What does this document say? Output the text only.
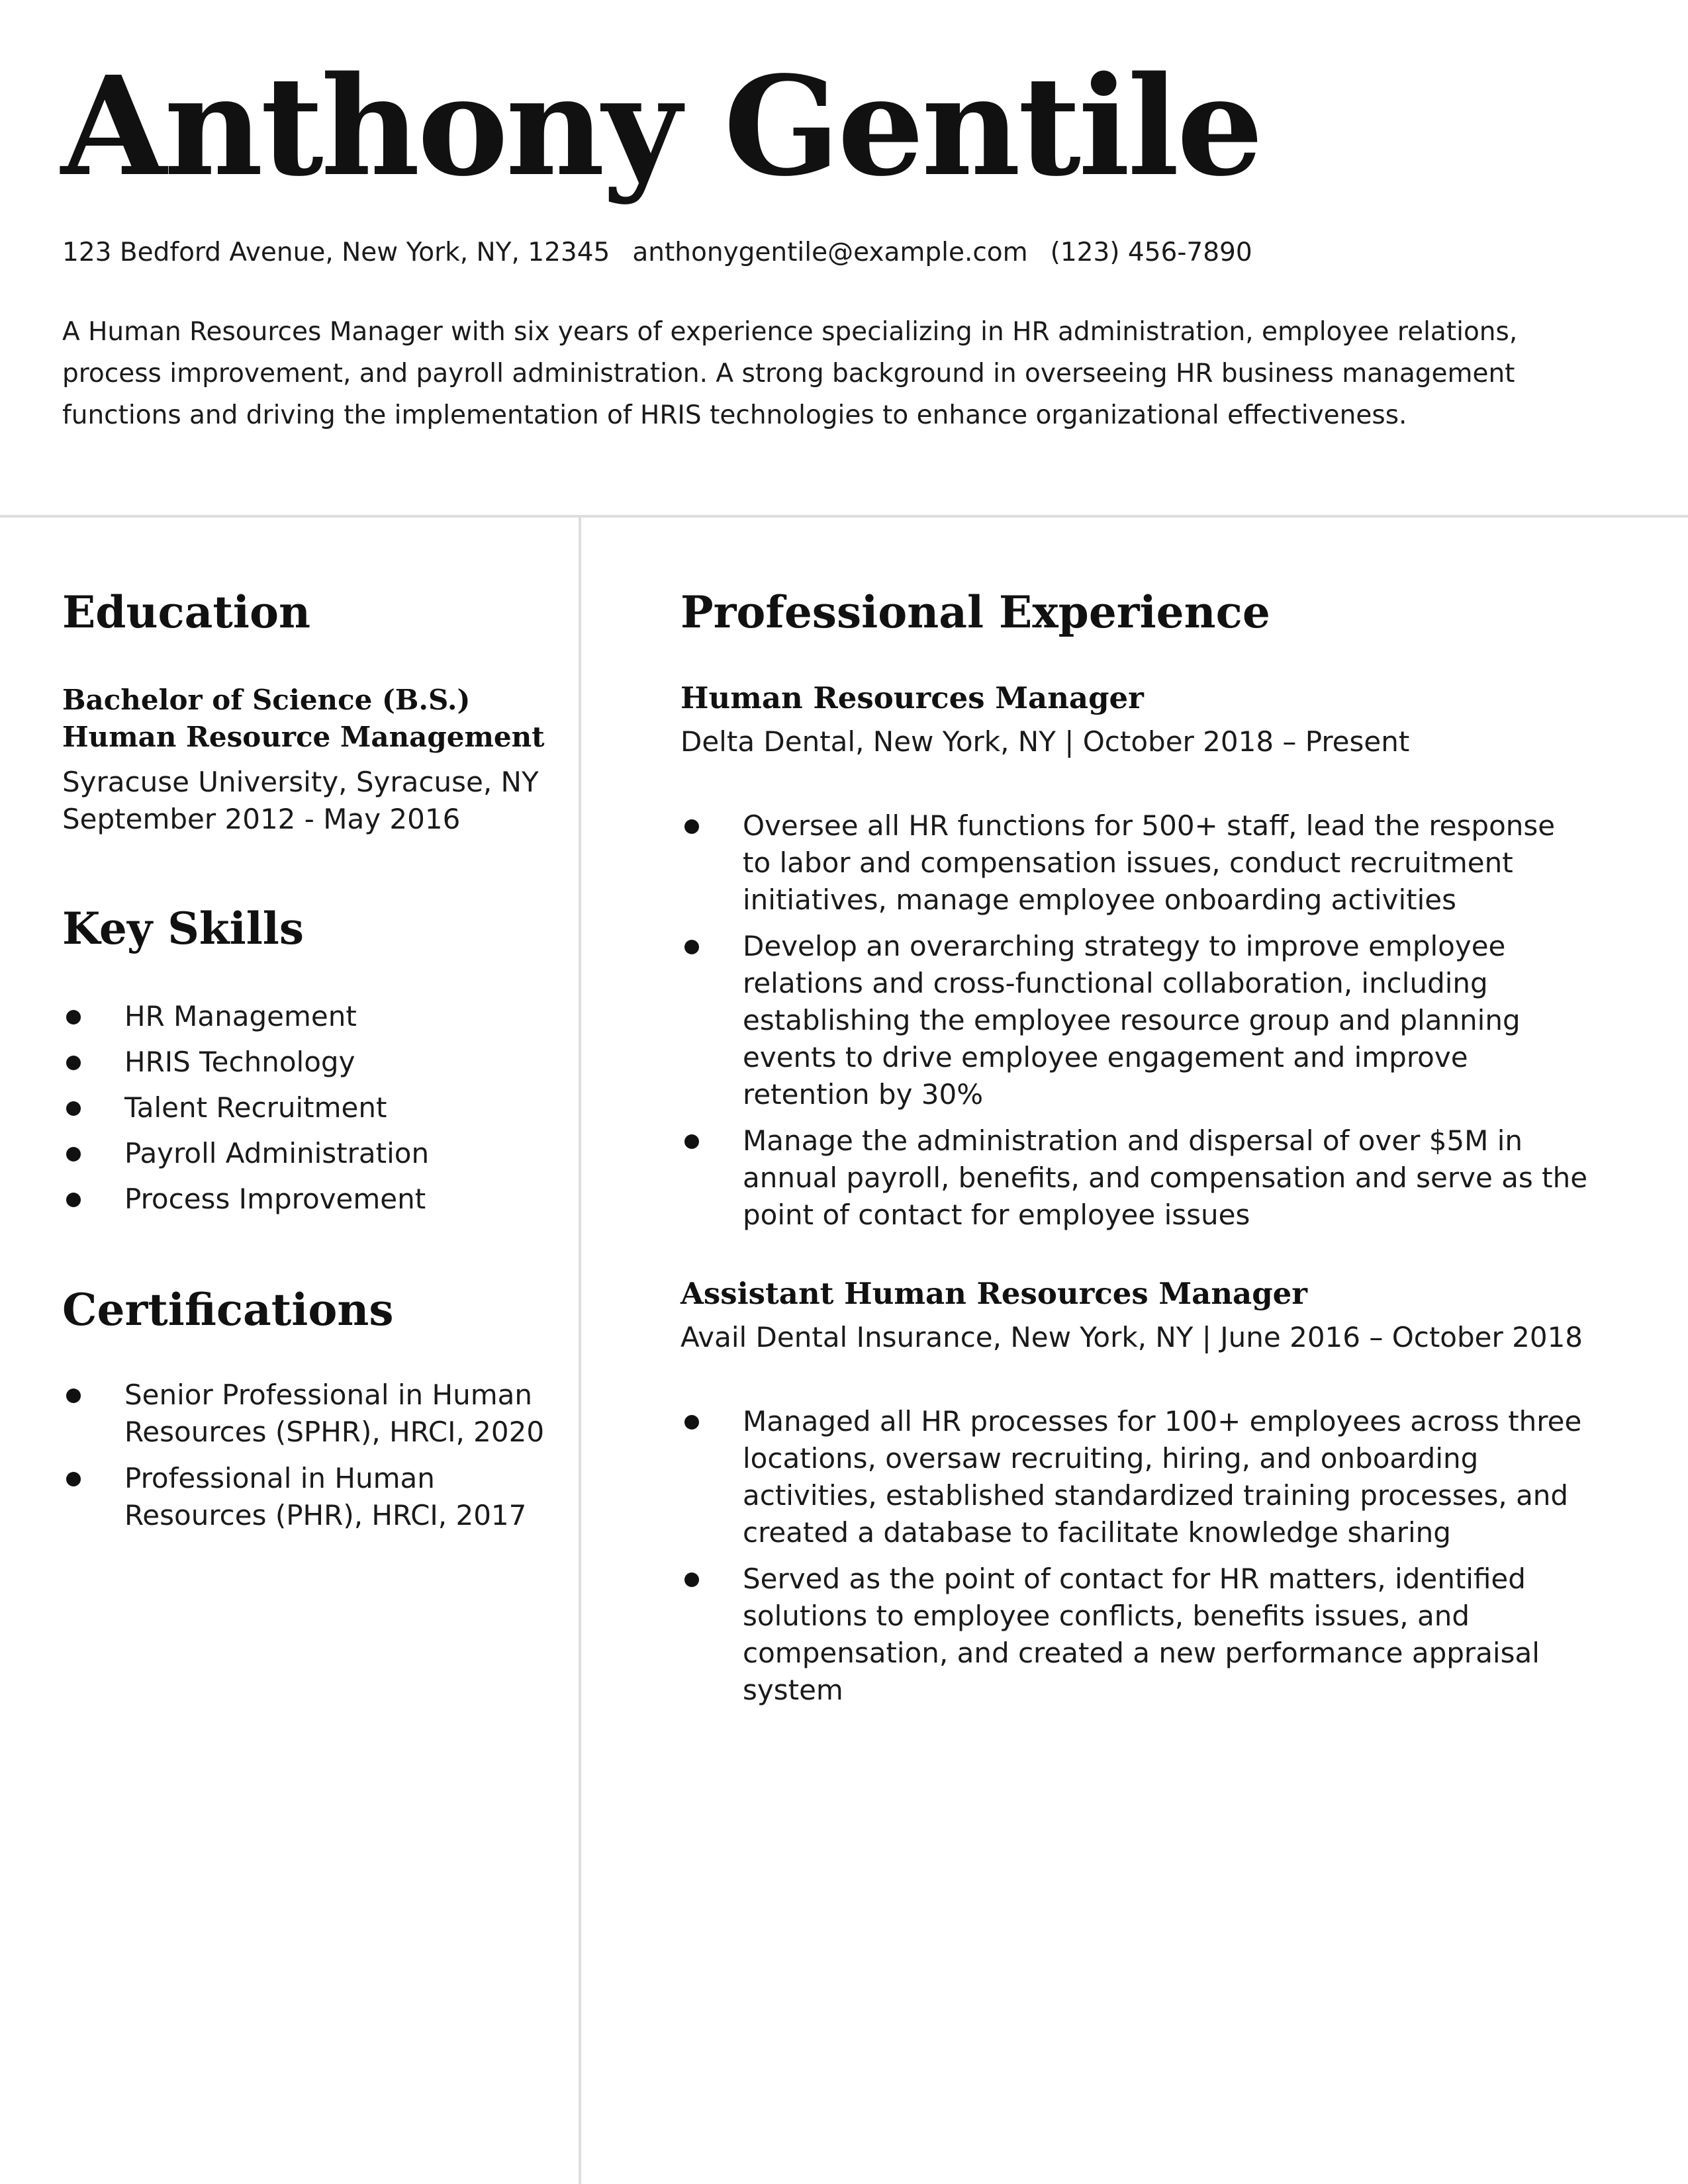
Anthony Gentile
123 Bedford Avenue, New York, NY, 12345 anthonygentile@example.com (123) 456-7890
A Human Resources Manager with six years of experience specializing in HR administration, employee relations,
process improvement, and payroll administration. A strong background in overseeing HR business management
functions and driving the implementation of HRIS technologies to enhance organizational effectiveness.
Education
Bachelor of Science (B.S.)
Human Resource Management
Syracuse University, Syracuse, NY
September 2012 - May 2016
Key Skills
HR Management
HRIS Technology
Talent Recruitment
Payroll Administration
Process Improvement
Certifications
Senior Professional in Human
Resources (SPHR), HRCI, 2020
Professional in Human
Resources (PHR), HRCI, 2017
Professional Experience
Human Resources Manager
Delta Dental, New York, NY | October 2018 – Present
Oversee all HR functions for 500+ staff, lead the response
to labor and compensation issues, conduct recruitment
initiatives, manage employee onboarding activities
Develop an overarching strategy to improve employee
relations and cross-functional collaboration, including
establishing the employee resource group and planning
events to drive employee engagement and improve
retention by 30%
Manage the administration and dispersal of over $5M in
annual payroll, benefits, and compensation and serve as the
point of contact for employee issues
Assistant Human Resources Manager
Avail Dental Insurance, New York, NY | June 2016 – October 2018
Managed all HR processes for 100+ employees across three
locations, oversaw recruiting, hiring, and onboarding
activities, established standardized training processes, and
created a database to facilitate knowledge sharing
Served as the point of contact for HR matters, identified
solutions to employee conflicts, benefits issues, and
compensation, and created a new performance appraisal
system
